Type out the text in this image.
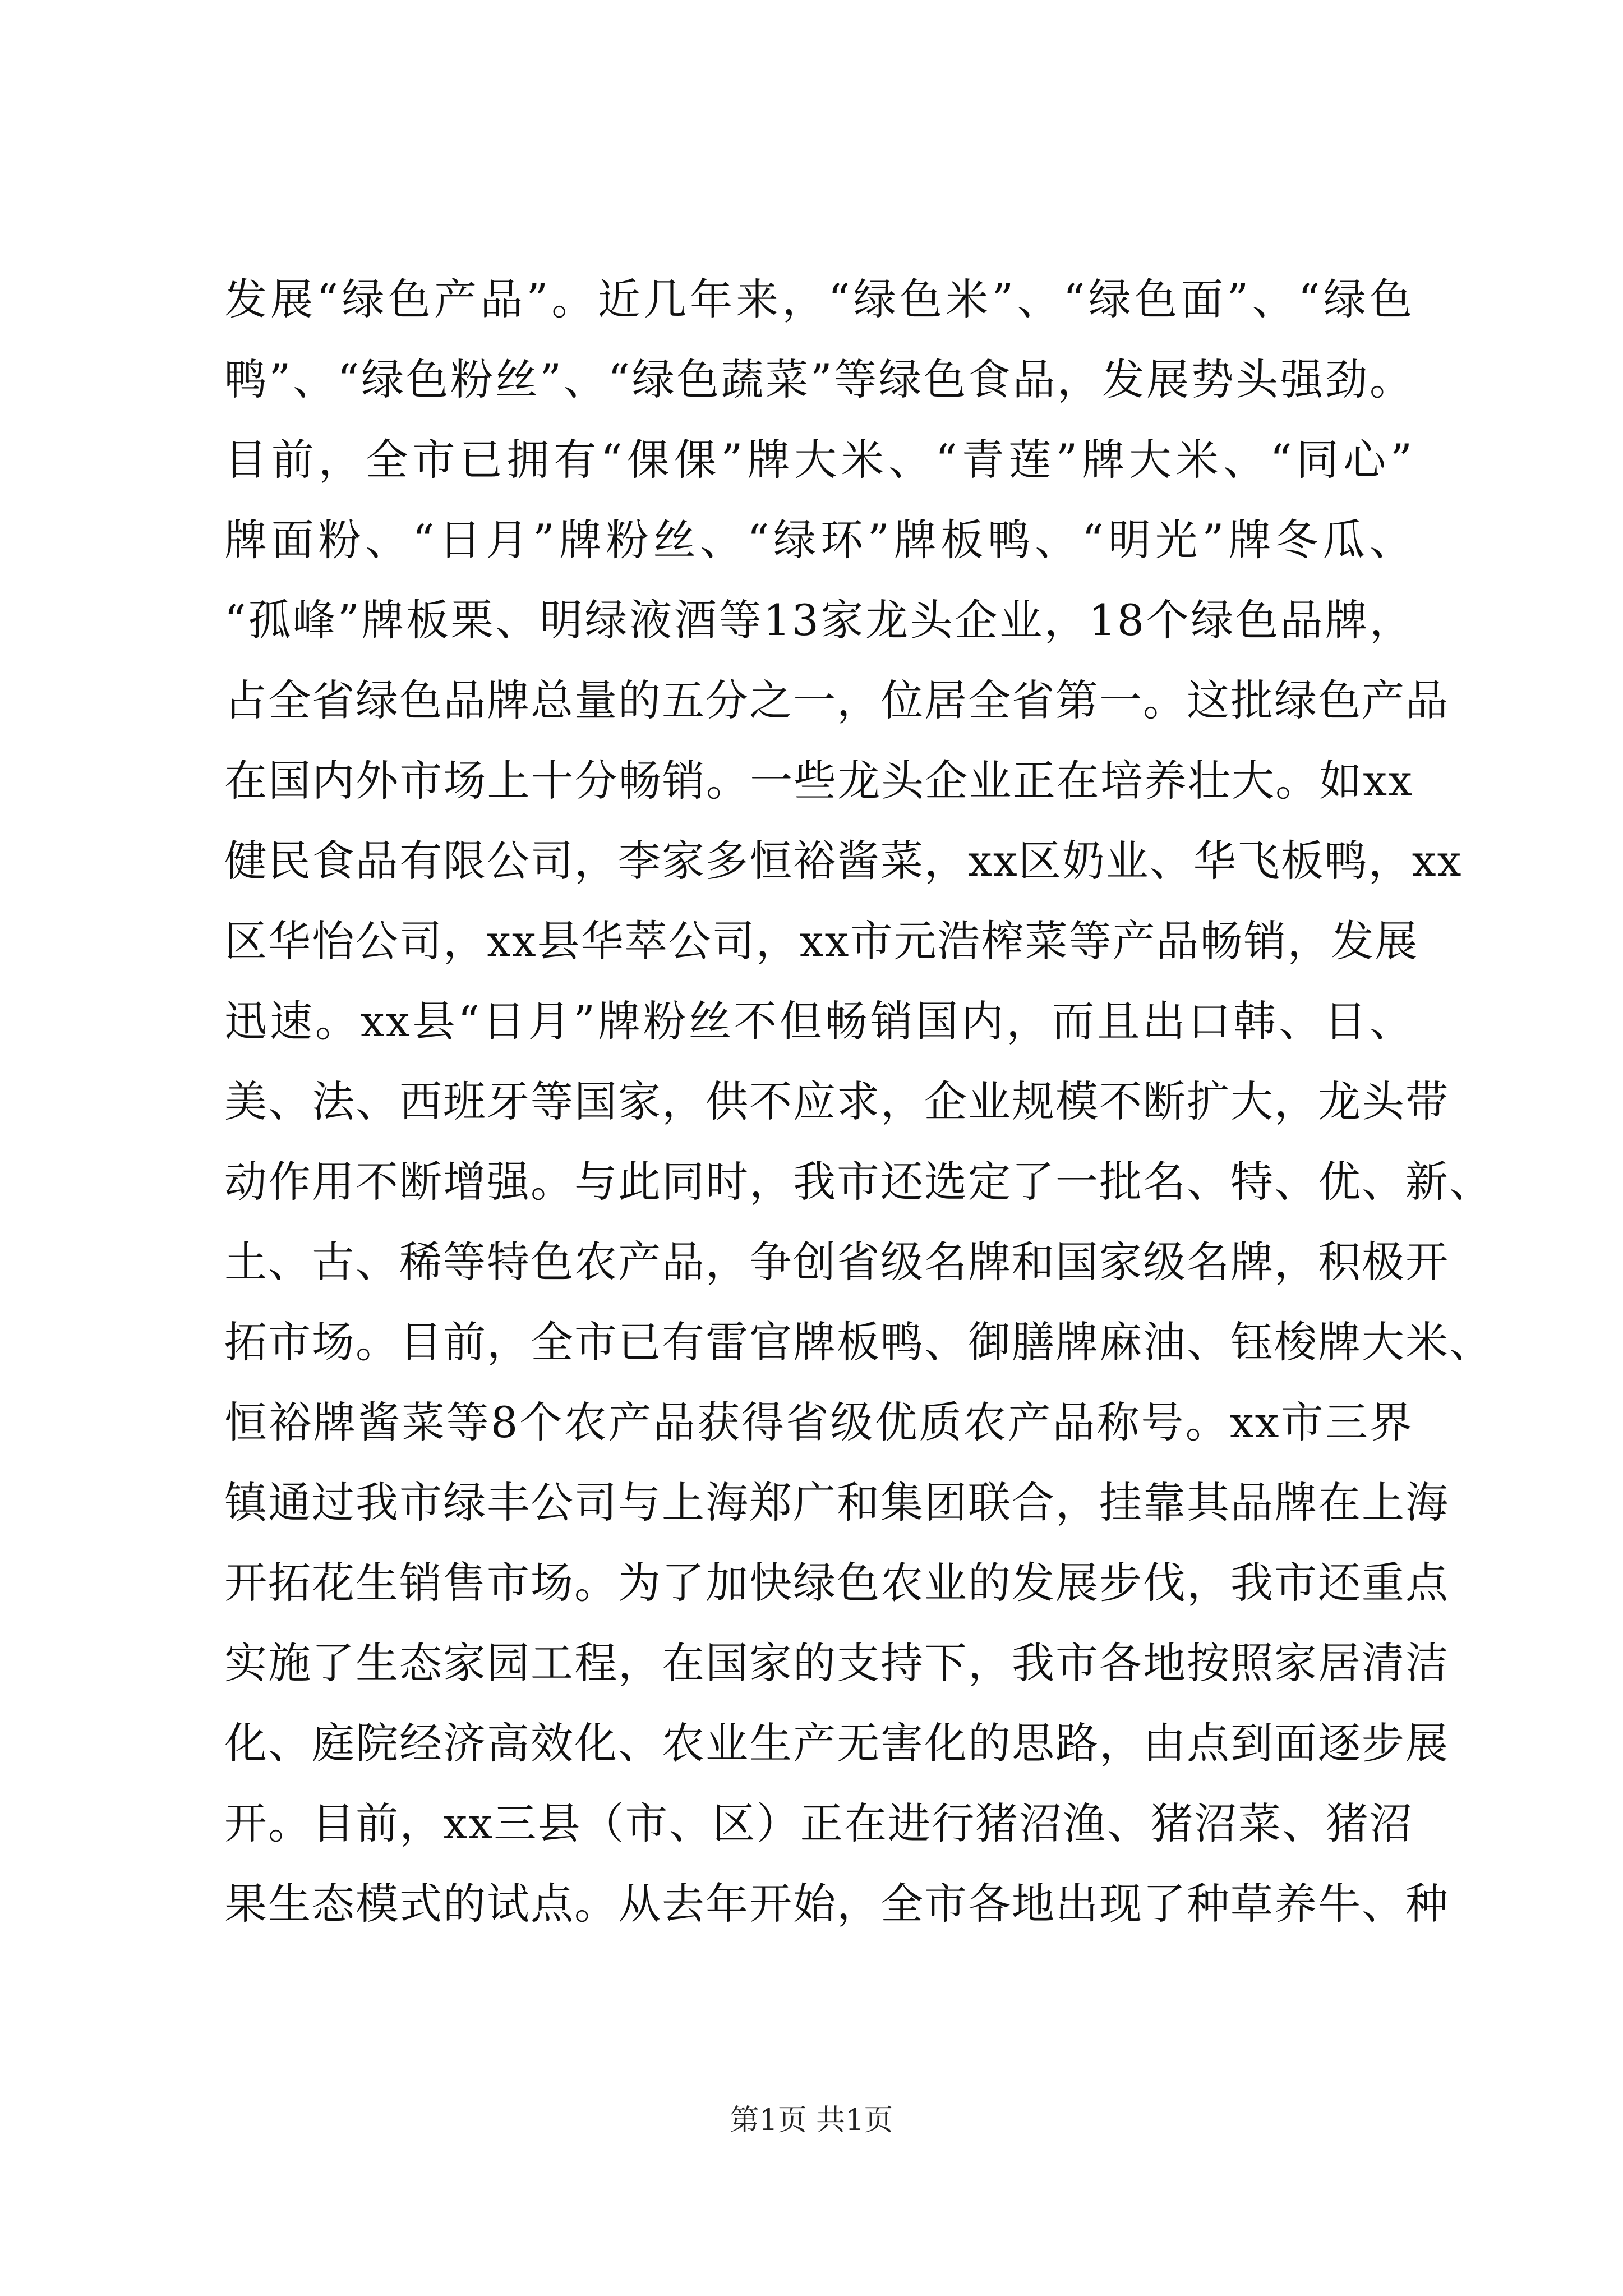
发展“绿色产品”。近几年来，“绿色米”、“绿色面”、“绿色
鸭”、“绿色粉丝”、“绿色蔬菜”等绿色食品，发展势头强劲。
目前，全市已拥有“倮倮”牌大米、“青莲”牌大米、“同心”
牌面粉、“日月”牌粉丝、“绿环”牌板鸭、“明光”牌冬瓜、
“孤峰”牌板栗、明绿液酒等13家龙头企业，18个绿色品牌，
占全省绿色品牌总量的五分之一，位居全省第一。这批绿色产品
在国内外市场上十分畅销。一些龙头企业正在培养壮大。如xx
健民食品有限公司，李家多恒裕酱菜，xx区奶业、华飞板鸭，xx
区华怡公司，xx县华萃公司，xx市元浩榨菜等产品畅销，发展
迅速。xx县“日月”牌粉丝不但畅销国内，而且出口韩、日、
美、法、西班牙等国家，供不应求，企业规模不断扩大，龙头带
动作用不断增强。与此同时，我市还选定了一批名、特、优、新、
土、古、稀等特色农产品，争创省级名牌和国家级名牌，积极开
拓市场。目前，全市已有雷官牌板鸭、御膳牌麻油、钰梭牌大米、
恒裕牌酱菜等8个农产品获得省级优质农产品称号。xx市三界
镇通过我市绿丰公司与上海郑广和集团联合，挂靠其品牌在上海
开拓花生销售市场。为了加快绿色农业的发展步伐，我市还重点
实施了生态家园工程，在国家的支持下，我市各地按照家居清洁
化、庭院经济高效化、农业生产无害化的思路，由点到面逐步展
开。目前，xx三县（市、区）正在进行猪沼渔、猪沼菜、猪沼
果生态模式的试点。从去年开始，全市各地出现了种草养牛、种
第1页 共1页
